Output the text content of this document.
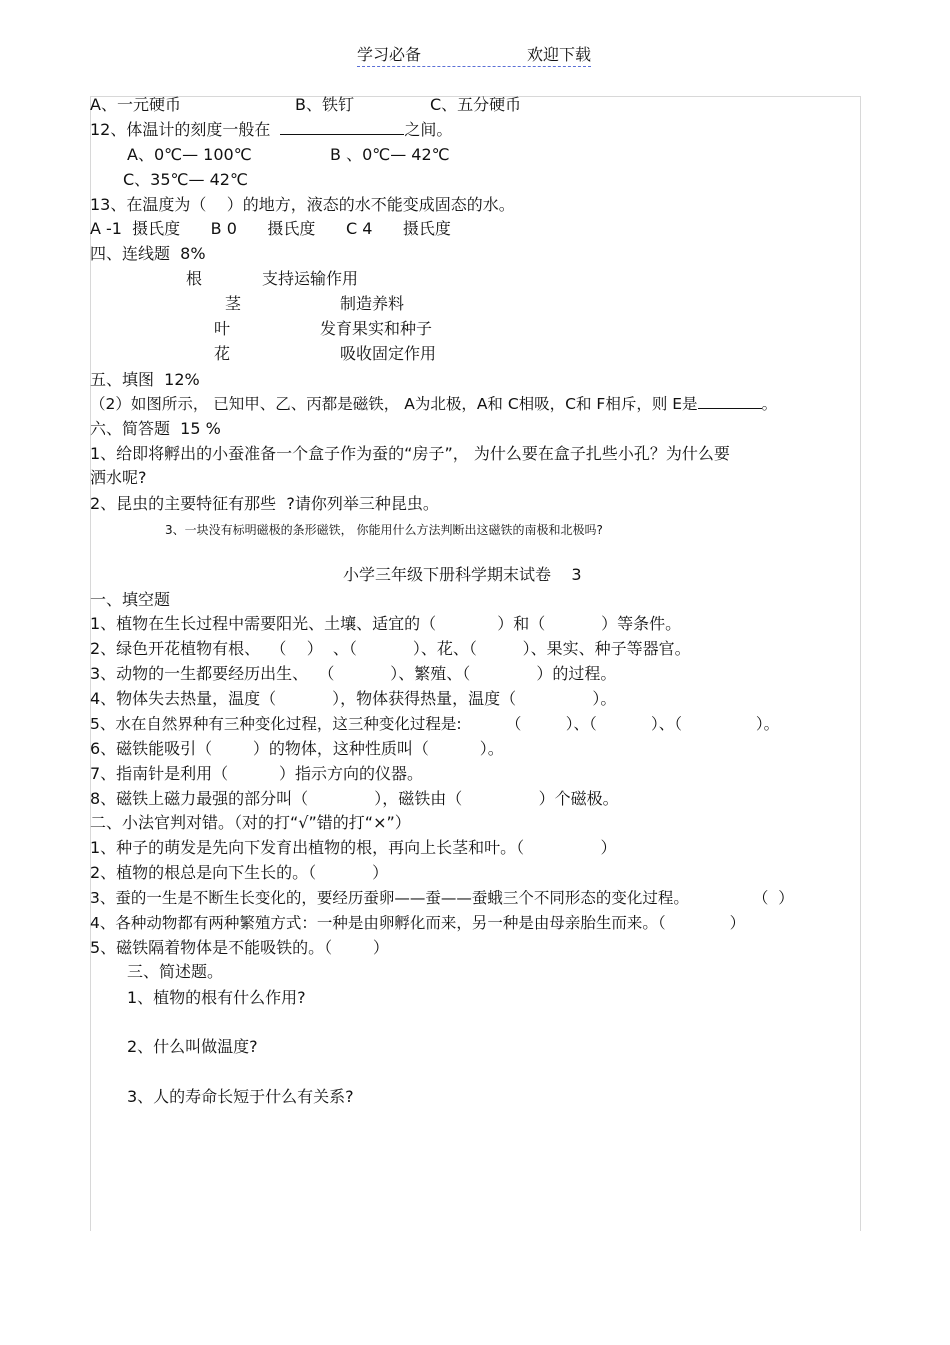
学习必备	欢迎下载
A、一元硬币	B、铁钉	C、五分硬币
12、体温计的刻度一般在	之间。
A、0℃— 100℃	B 、0℃— 42℃
C、35℃— 42℃
13、在温度为（    ）的地方，液态的水不能变成固态的水。
A -1  摄氏度      B 0      摄氏度      C 4      摄氏度
四、连线题  8%
根	支持运输作用
茎	制造养料
叶	发育果实和种子
花	吸收固定作用
五、填图  12%
（2）如图所示， 已知甲、乙、丙都是磁铁， A为北极，A和 C相吸，C和 F相斥，则 E是	。
六、简答题  15 %
1、给即将孵出的小蚕准备一个盒子作为蚕的“房子”， 为什么要在盒子扎些小孔？为什么要
洒水呢?
2、昆虫的主要特征有那些  ?请你列举三种昆虫。
3、一块没有标明磁极的条形磁铁， 你能用什么方法判断出这磁铁的南极和北极吗?
小学三年级下册科学期末试卷    3
一、填空题
1、植物在生长过程中需要阳光、土壤、适宜的（            ）和（           ）等条件。
2、绿色开花植物有根、  （    ）  、（           ）、花、（         ）、果实、种子等器官。
3、动物的一生都要经历出生、  （           ）、繁殖、（             ）的过程。
4、物体失去热量，温度（           ），物体获得热量，温度（               ）。
5、水在自然界种有三种变化过程，这三种变化过程是:         （         ）、（           ）、（               ）。
6、磁铁能吸引（        ）的物体，这种性质叫（          ）。
7、指南针是利用（          ）指示方向的仪器。
8、磁铁上磁力最强的部分叫（             ），磁铁由（               ）个磁极。
二、小法官判对错。（对的打“√”错的打“×”）
1、种子的萌发是先向下发育出植物的根，再向上长茎和叶。（               ）
2、植物的根总是向下生长的。（           ）
3、蚕的一生是不断生长变化的，要经历蚕卵——蚕——蚕蛾三个不同形态的变化过程。             （  ）
4、各种动物都有两种繁殖方式：一种是由卵孵化而来，另一种是由母亲胎生而来。（             ）
5、磁铁隔着物体是不能吸铁的。（        ）
三、简述题。
1、植物的根有什么作用?
2、什么叫做温度?
3、人的寿命长短于什么有关系?
